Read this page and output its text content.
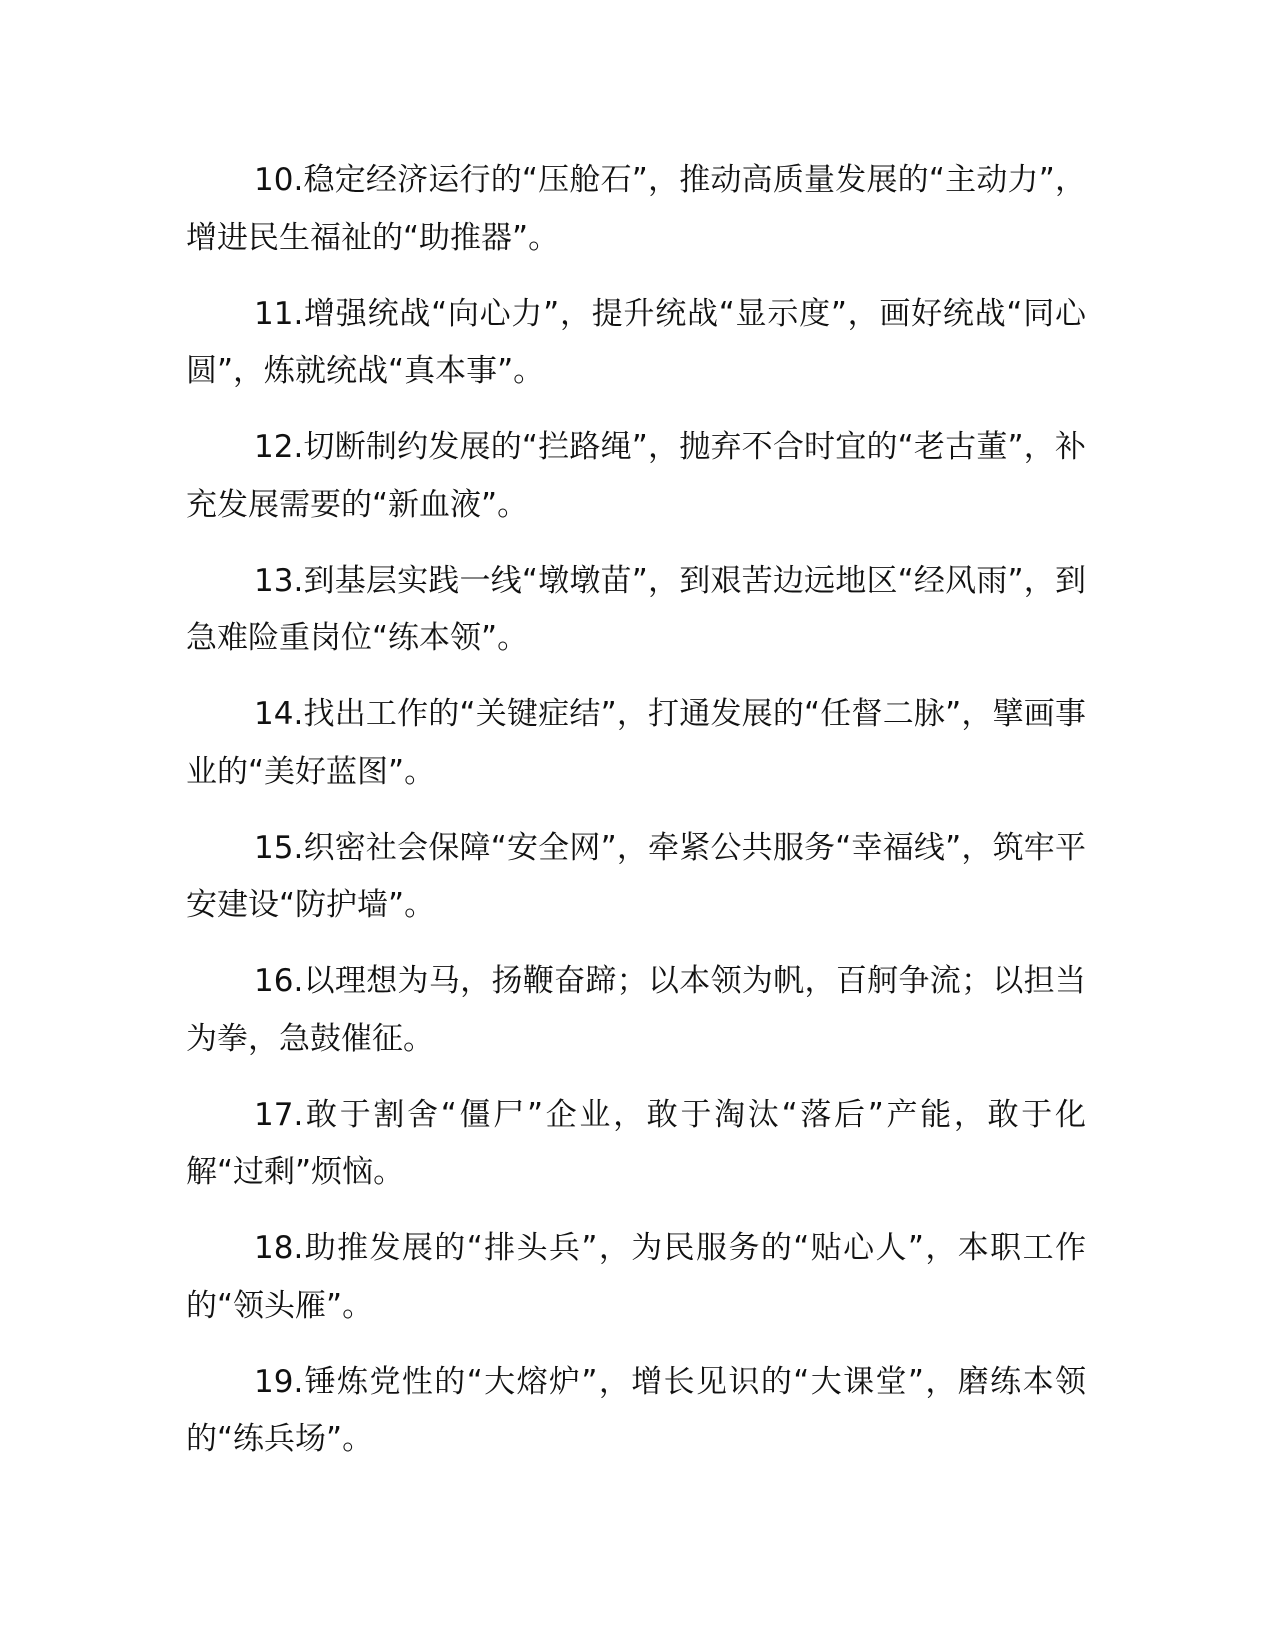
10.稳定经济运行的“压舱石”，推动高质量发展的“主动力”，增进民生福祉的“助推器”。

11.增强统战“向心力”，提升统战“显示度”，画好统战“同心圆”，炼就统战“真本事”。

12.切断制约发展的“拦路绳”，抛弃不合时宜的“老古董”，补充发展需要的“新血液”。

13.到基层实践一线“墩墩苗”，到艰苦边远地区“经风雨”，到急难险重岗位“练本领”。

14.找出工作的“关键症结”，打通发展的“任督二脉”，擘画事业的“美好蓝图”。

15.织密社会保障“安全网”，牵紧公共服务“幸福线”，筑牢平安建设“防护墙”。

16.以理想为马，扬鞭奋蹄；以本领为帆，百舸争流；以担当为拳，急鼓催征。

17.敢于割舍“僵尸”企业，敢于淘汰“落后”产能，敢于化解“过剩”烦恼。

18.助推发展的“排头兵”，为民服务的“贴心人”，本职工作的“领头雁”。

19.锤炼党性的“大熔炉”，增长见识的“大课堂”，磨练本领的“练兵场”。
